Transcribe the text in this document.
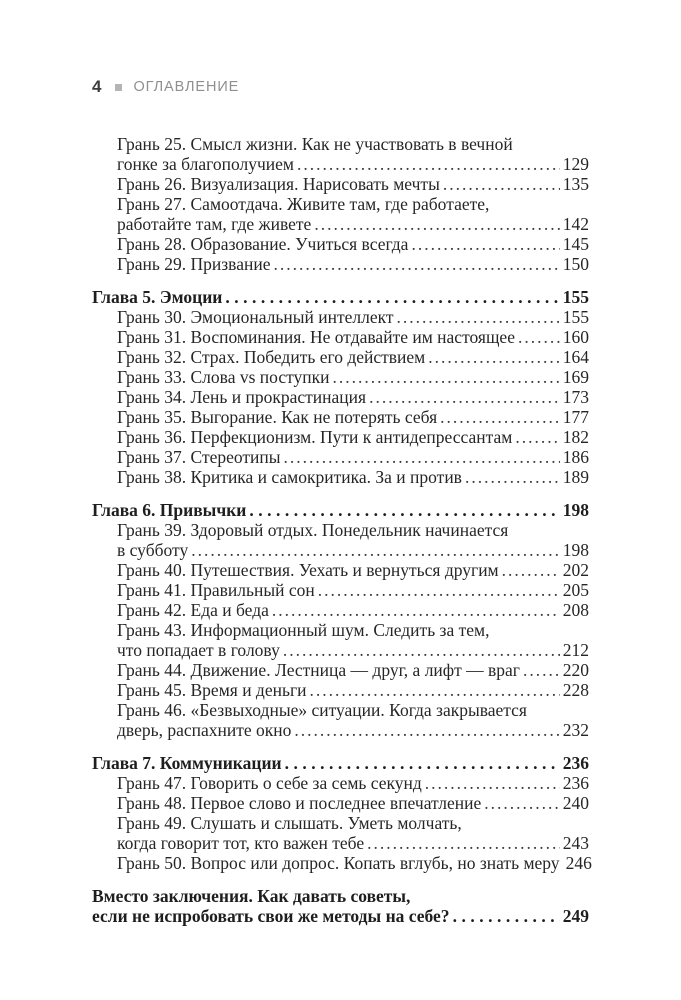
4 ОГЛАВЛЕНИЕ
Грань 25. Смысл жизни. Как не участвовать в вечной
гонке за благополучием .....	129
Грань 26. Визуализация. Нарисовать мечты .....	135
Грань 27. Самоотдача. Живите там, где работаете,
работайте там, где живете .....	142
Грань 28. Образование. Учиться всегда .....	145
Грань 29. Призвание .....	150
Глава 5. Эмоции .....	155
Грань 30. Эмоциональный интеллект .....	155
Грань 31. Воспоминания. Не отдавайте им настоящее .....	160
Грань 32. Страх. Победить его действием .....	164
Грань 33. Слова vs поступки .....	169
Грань 34. Лень и прокрастинация .....	173
Грань 35. Выгорание. Как не потерять себя .....	177
Грань 36. Перфекционизм. Пути к антидепрессантам .....	182
Грань 37. Стереотипы .....	186
Грань 38. Критика и самокритика. За и против .....	189
Глава 6. Привычки .....	198
Грань 39. Здоровый отдых. Понедельник начинается
в субботу .....	198
Грань 40. Путешествия. Уехать и вернуться другим .....	202
Грань 41. Правильный сон .....	205
Грань 42. Еда и беда .....	208
Грань 43. Информационный шум. Следить за тем,
что попадает в голову .....	212
Грань 44. Движение. Лестница — друг, а лифт — враг ..... 220
Грань 45. Время и деньги .....	228
Грань 46. «Безвыходные» ситуации. Когда закрывается
дверь, распахните окно .....	232
Глава 7. Коммуникации .....	236
Грань 47. Говорить о себе за семь секунд .....	236
Грань 48. Первое слово и последнее впечатление .....	240
Грань 49. Слушать и слышать. Уметь молчать,
когда говорит тот, кто важен тебе .....	243
Грань 50. Вопрос или допрос. Копать вглубь, но знать меру 246
Вместо заключения. Как давать советы,
если не испробовать свои же методы на себе? .....	249
